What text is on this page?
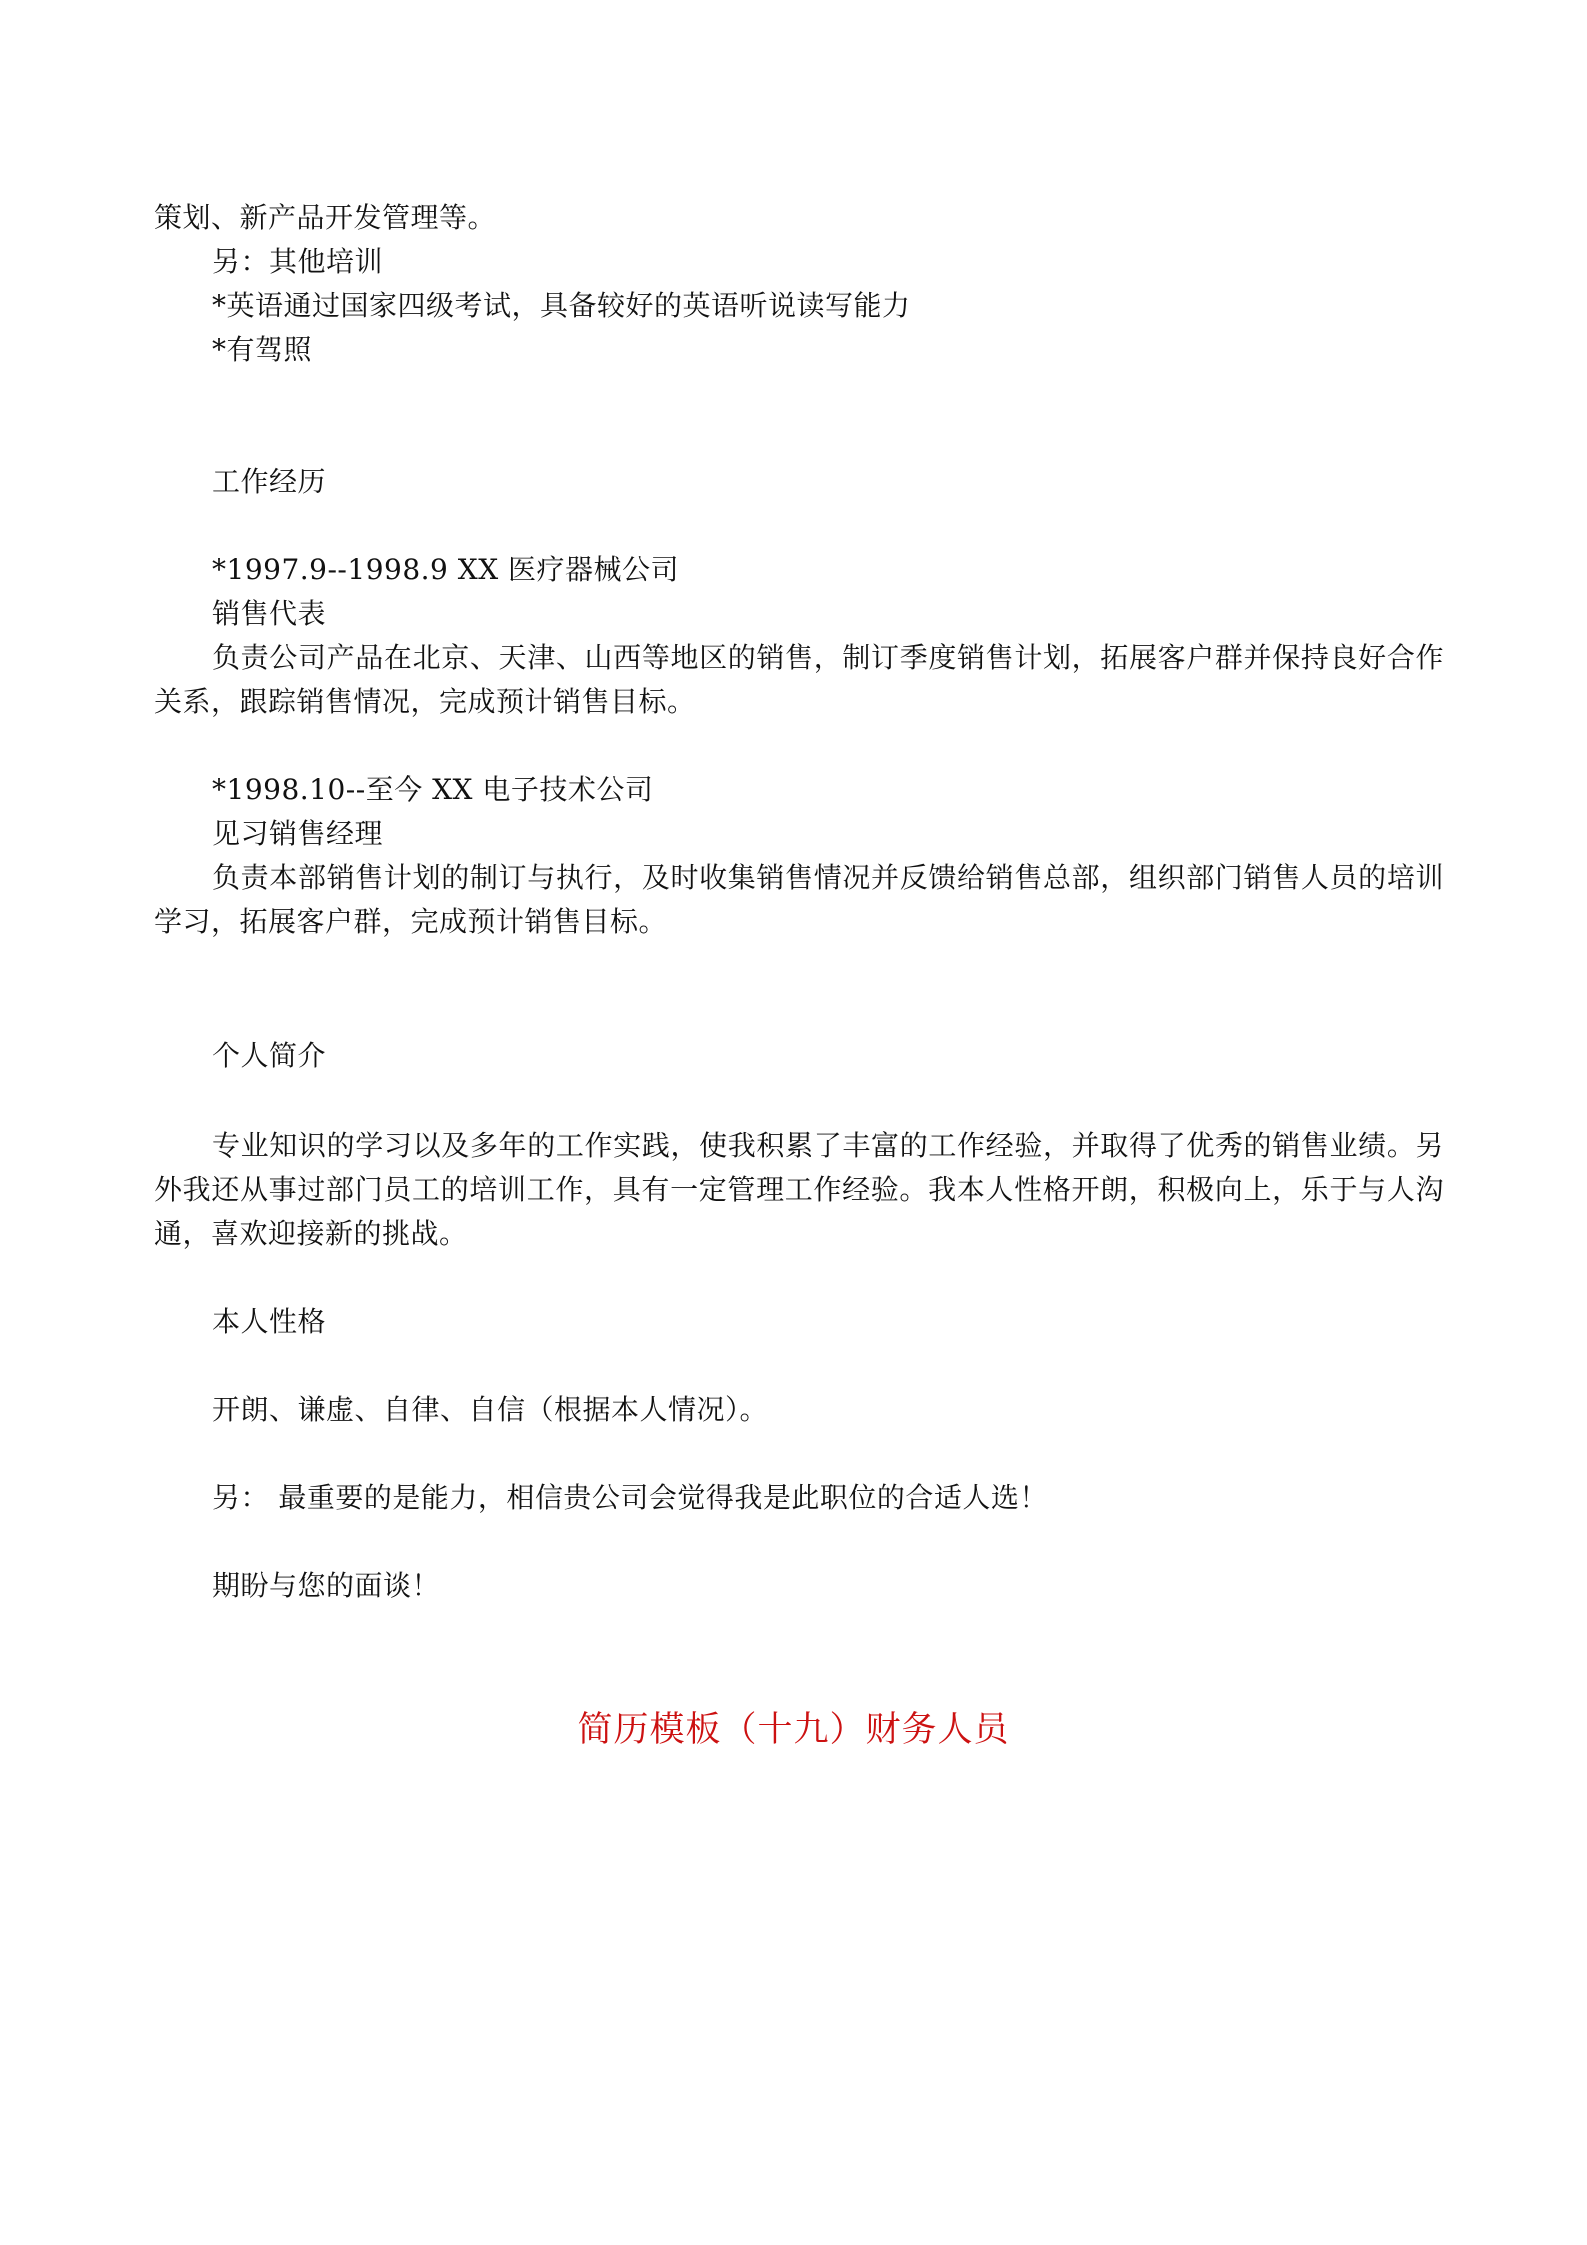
策划、新产品开发管理等。
另：其他培训
*英语通过国家四级考试，具备较好的英语听说读写能力
*有驾照
工作经历
*1997.9--1998.9 XX 医疗器械公司
销售代表
负责公司产品在北京、天津、山西等地区的销售，制订季度销售计划，拓展客户群并保持良好合作关系，跟踪销售情况，完成预计销售目标。
*1998.10--至今 XX 电子技术公司
见习销售经理
负责本部销售计划的制订与执行，及时收集销售情况并反馈给销售总部，组织部门销售人员的培训学习，拓展客户群，完成预计销售目标。
个人简介
专业知识的学习以及多年的工作实践，使我积累了丰富的工作经验，并取得了优秀的销售业绩。另外我还从事过部门员工的培训工作，具有一定管理工作经验。我本人性格开朗，积极向上，乐于与人沟通，喜欢迎接新的挑战。
本人性格
开朗、谦虚、自律、自信（根据本人情况）。
另： 最重要的是能力，相信贵公司会觉得我是此职位的合适人选！
期盼与您的面谈！
简历模板（十九）财务人员
